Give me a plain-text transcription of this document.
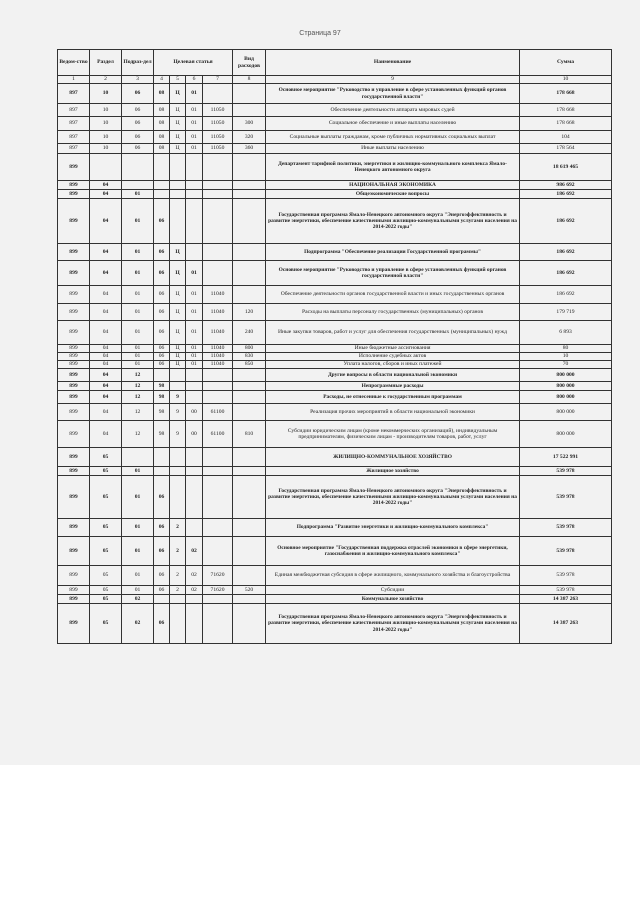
Страница 97
Ведом-ство	Раздел	Подраз-дел	Целевая статья				Вид расходов	Наименование	Сумма
1	2	3	4	5	6	7	8	9	10
897	10	06	08	Ц	01			Основное мероприятие "Руководство и управление в сфере установленных функций органов государственной власти"	178 668
897	10	06	08	Ц	01	11050		Обеспечение деятельности аппарата мировых судей	178 668
897	10	06	08	Ц	01	11050	300	Социальное обеспечение и иные выплаты населению	178 668
897	10	06	08	Ц	01	11050	320	Социальные выплаты гражданам, кроме публичных нормативных социальных выплат	104
897	10	06	08	Ц	01	11050	360	Иные выплаты населению	178 564
899								Департамент тарифной политики, энергетики и жилищно-коммунального комплекса Ямало-Ненецкого автономного округа	18 619 465
899	04							НАЦИОНАЛЬНАЯ ЭКОНОМИКА	986 692
899	04	01						Общеэкономические вопросы	186 692
899	04	01	06					Государственная программа Ямало-Ненецкого автономного округа "Энергоэффективность и развитие энергетики, обеспечение качественными жилищно-коммунальными услугами населения на 2014-2022 годы"	186 692
899	04	01	06	Ц				Подпрограмма "Обеспечение реализации Государственной программы"	186 692
899	04	01	06	Ц	01			Основное мероприятие "Руководство и управление в сфере установленных функций органов государственной власти"	186 692
899	04	01	06	Ц	01	11040		Обеспечение деятельности органов государственной власти и иных государственных органов	186 692
899	04	01	06	Ц	01	11040	120	Расходы на выплаты персоналу государственных (муниципальных) органов	179 719
899	04	01	06	Ц	01	11040	240	Иные закупки товаров, работ и услуг для обеспечения государственных (муниципальных) нужд	6 893
899	04	01	06	Ц	01	11040	800	Иные бюджетные ассигнования	80
899	04	01	06	Ц	01	11040	830	Исполнение судебных актов	10
899	04	01	06	Ц	01	11040	850	Уплата налогов, сборов и иных платежей	70
899	04	12						Другие вопросы в области национальной экономики	800 000
899	04	12	98					Непрограммные расходы	800 000
899	04	12	98	9				Расходы, не отнесенные к государственным программам	800 000
899	04	12	98	9	00	61100		Реализация прочих мероприятий в области национальной экономики	800 000
899	04	12	98	9	00	61100	810	Субсидии юридическим лицам (кроме некоммерческих организаций), индивидуальным предпринимателям, физическим лицам - производителям товаров, работ, услуг	800 000
899	05							ЖИЛИЩНО-КОММУНАЛЬНОЕ ХОЗЯЙСТВО	17 522 991
899	05	01						Жилищное хозяйство	539 978
899	05	01	06					Государственная программа Ямало-Ненецкого автономного округа "Энергоэффективность и развитие энергетики, обеспечение качественными жилищно-коммунальными услугами населения на 2014-2022 годы"	539 978
899	05	01	06	2				Подпрограмма "Развитие энергетики и жилищно-коммунального комплекса"	539 978
899	05	01	06	2	02			Основное мероприятие "Государственная поддержка отраслей экономики в сфере энергетики, газоснабжения и жилищно-коммунального комплекса"	539 978
899	05	01	06	2	02	71620		Единая межбюджетная субсидия в сфере жилищного, коммунального хозяйства и благоустройства	539 978
899	05	01	06	2	02	71620	520	Субсидии	539 978
899	05	02						Коммунальное хозяйство	14 387 263
899	05	02	06					Государственная программа Ямало-Ненецкого автономного округа "Энергоэффективность и развитие энергетики, обеспечение качественными жилищно-коммунальными услугами населения на 2014-2022 годы"	14 387 263
